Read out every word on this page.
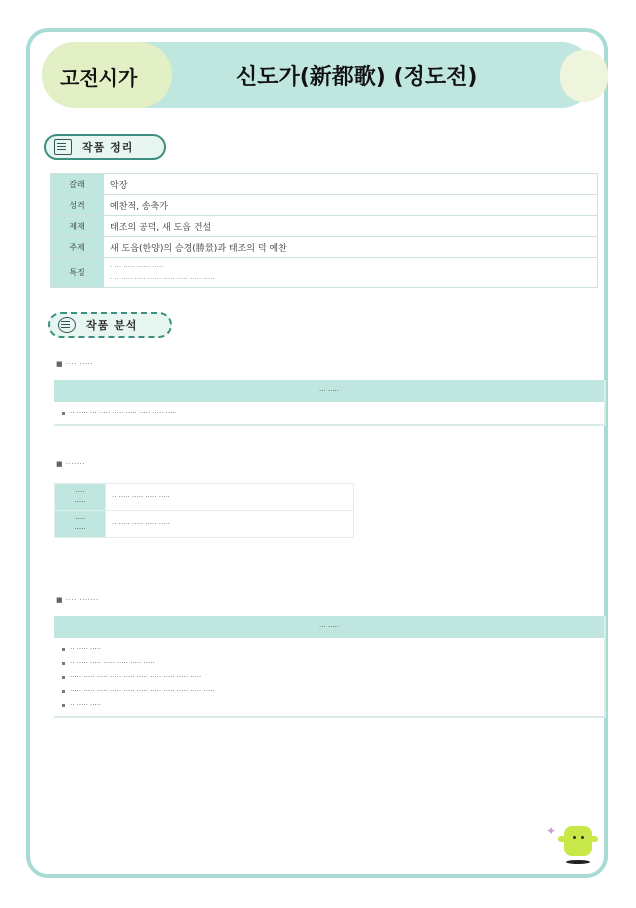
고전시가	신도가(新都歌) (정도전)
작품 정리
갈래	악장
성격	예찬적, 송축가
제재	태조의 공덕, 새 도읍 건설
주제	새 도읍(한양)의 승경(勝景)과 태조의 덕 예찬
특징	· ··· ····· ······ ·····
· ·· ····· ····· ······ ····· ····· ····· ·····
작품 분석
■ ···· ·····
··· ·····
·· ····· ··· ····· ····· ····· ····· ····· ·····
■ ·······
····
·····	·· ····· ····· ····· ·····

····
·····	·· ····· ····· ····· ·····
■ ···· ·······
··· ·····
·· ····· ·····
·· ····· ····· ····· ····· ····· ·····
····· ····· ····· ····· ····· ····· ····· ····· ····· ·····
····· ····· ····· ····· ····· ····· ····· ····· ····· ····· ·····
·· ····· ·····
✦
